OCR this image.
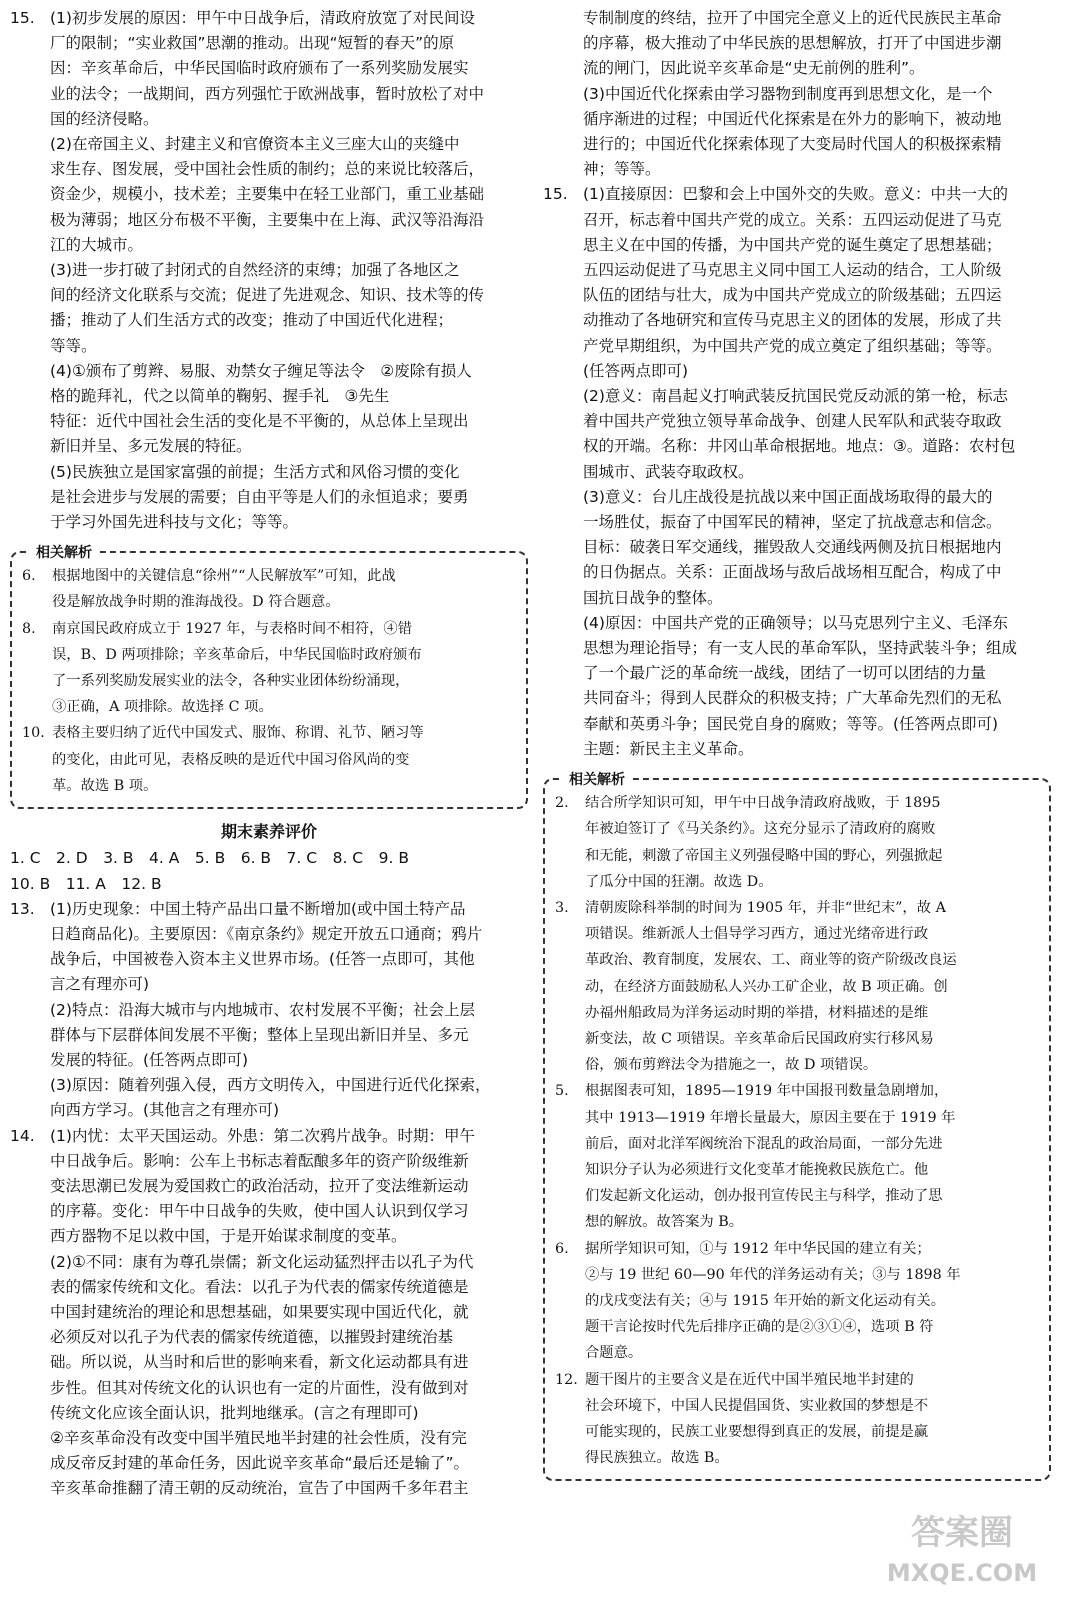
15. (1)初步发展的原因：甲午中日战争后，清政府放宽了对民间设
厂的限制；“实业救国”思潮的推动。出现“短暂的春天”的原
因：辛亥革命后，中华民国临时政府颁布了一系列奖励发展实
业的法令；一战期间，西方列强忙于欧洲战事，暂时放松了对中
国的经济侵略。
(2)在帝国主义、封建主义和官僚资本主义三座大山的夹缝中
求生存、图发展，受中国社会性质的制约；总的来说比较落后，
资金少，规模小，技术差；主要集中在轻工业部门，重工业基础
极为薄弱；地区分布极不平衡，主要集中在上海、武汉等沿海沿
江的大城市。
(3)进一步打破了封闭式的自然经济的束缚；加强了各地区之
间的经济文化联系与交流；促进了先进观念、知识、技术等的传
播；推动了人们生活方式的改变；推动了中国近代化进程；
等等。
(4)①颁布了剪辫、易服、劝禁女子缠足等法令　②废除有损人
格的跪拜礼，代之以简单的鞠躬、握手礼　③先生
特征：近代中国社会生活的变化是不平衡的，从总体上呈现出
新旧并呈、多元发展的特征。
(5)民族独立是国家富强的前提；生活方式和风俗习惯的变化
是社会进步与发展的需要；自由平等是人们的永恒追求；要勇
于学习外国先进科技与文化；等等。
相关解析
6. 根据地图中的关键信息“徐州”“人民解放军”可知，此战
役是解放战争时期的淮海战役。D 符合题意。
8. 南京国民政府成立于 1927 年，与表格时间不相符，④错
误，B、D 两项排除；辛亥革命后，中华民国临时政府颁布
了一系列奖励发展实业的法令，各种实业团体纷纷涌现，
③正确，A 项排除。故选择 C 项。
10. 表格主要归纳了近代中国发式、服饰、称谓、礼节、陋习等
的变化，由此可见，表格反映的是近代中国习俗风尚的变
革。故选 B 项。
期末素养评价
1. C　2. D　3. B　4. A　5. B　6. B　7. C　8. C　9. B
10. B　11. A　12. B
13. (1)历史现象：中国土特产品出口量不断增加(或中国土特产品
日趋商品化)。主要原因：《南京条约》规定开放五口通商；鸦片
战争后，中国被卷入资本主义世界市场。(任答一点即可，其他
言之有理亦可)
(2)特点：沿海大城市与内地城市、农村发展不平衡；社会上层
群体与下层群体间发展不平衡；整体上呈现出新旧并呈、多元
发展的特征。(任答两点即可)
(3)原因：随着列强入侵，西方文明传入，中国进行近代化探索，
向西方学习。(其他言之有理亦可)
14. (1)内忧：太平天国运动。外患：第二次鸦片战争。时期：甲午
中日战争后。影响：公车上书标志着酝酿多年的资产阶级维新
变法思潮已发展为爱国救亡的政治活动，拉开了变法维新运动
的序幕。变化：甲午中日战争的失败，使中国人认识到仅学习
西方器物不足以救中国，于是开始谋求制度的变革。
(2)①不同：康有为尊孔崇儒；新文化运动猛烈抨击以孔子为代
表的儒家传统和文化。看法：以孔子为代表的儒家传统道德是
中国封建统治的理论和思想基础，如果要实现中国近代化，就
必须反对以孔子为代表的儒家传统道德，以摧毁封建统治基
础。所以说，从当时和后世的影响来看，新文化运动都具有进
步性。但其对传统文化的认识也有一定的片面性，没有做到对
传统文化应该全面认识，批判地继承。(言之有理即可)
②辛亥革命没有改变中国半殖民地半封建的社会性质，没有完
成反帝反封建的革命任务，因此说辛亥革命“最后还是输了”。
辛亥革命推翻了清王朝的反动统治，宣告了中国两千多年君主
专制制度的终结，拉开了中国完全意义上的近代民族民主革命
的序幕，极大推动了中华民族的思想解放，打开了中国进步潮
流的闸门，因此说辛亥革命是“史无前例的胜利”。
(3)中国近代化探索由学习器物到制度再到思想文化，是一个
循序渐进的过程；中国近代化探索是在外力的影响下，被动地
进行的；中国近代化探索体现了大变局时代国人的积极探索精
神；等等。
15. (1)直接原因：巴黎和会上中国外交的失败。意义：中共一大的
召开，标志着中国共产党的成立。关系：五四运动促进了马克
思主义在中国的传播，为中国共产党的诞生奠定了思想基础；
五四运动促进了马克思主义同中国工人运动的结合，工人阶级
队伍的团结与壮大，成为中国共产党成立的阶级基础；五四运
动推动了各地研究和宣传马克思主义的团体的发展，形成了共
产党早期组织，为中国共产党的成立奠定了组织基础；等等。
(任答两点即可)
(2)意义：南昌起义打响武装反抗国民党反动派的第一枪，标志
着中国共产党独立领导革命战争、创建人民军队和武装夺取政
权的开端。名称：井冈山革命根据地。地点：③。道路：农村包
围城市、武装夺取政权。
(3)意义：台儿庄战役是抗战以来中国正面战场取得的最大的
一场胜仗，振奋了中国军民的精神，坚定了抗战意志和信念。
目标：破袭日军交通线，摧毁敌人交通线两侧及抗日根据地内
的日伪据点。关系：正面战场与敌后战场相互配合，构成了中
国抗日战争的整体。
(4)原因：中国共产党的正确领导；以马克思列宁主义、毛泽东
思想为理论指导；有一支人民的革命军队，坚持武装斗争；组成
了一个最广泛的革命统一战线，团结了一切可以团结的力量
共同奋斗；得到人民群众的积极支持；广大革命先烈们的无私
奉献和英勇斗争；国民党自身的腐败；等等。(任答两点即可)
主题：新民主主义革命。
相关解析
2. 结合所学知识可知，甲午中日战争清政府战败，于 1895
年被迫签订了《马关条约》。这充分显示了清政府的腐败
和无能，刺激了帝国主义列强侵略中国的野心，列强掀起
了瓜分中国的狂潮。故选 D。
3. 清朝废除科举制的时间为 1905 年，并非“世纪末”，故 A
项错误。维新派人士倡导学习西方，通过光绪帝进行政
革政治、教育制度，发展农、工、商业等的资产阶级改良运
动，在经济方面鼓励私人兴办工矿企业，故 B 项正确。创
办福州船政局为洋务运动时期的举措，材料描述的是维
新变法，故 C 项错误。辛亥革命后民国政府实行移风易
俗，颁布剪辫法令为措施之一，故 D 项错误。
5. 根据图表可知，1895—1919 年中国报刊数量急剧增加，
其中 1913—1919 年增长量最大，原因主要在于 1919 年
前后，面对北洋军阀统治下混乱的政治局面，一部分先进
知识分子认为必须进行文化变革才能挽救民族危亡。他
们发起新文化运动，创办报刊宣传民主与科学，推动了思
想的解放。故答案为 B。
6. 据所学知识可知，①与 1912 年中华民国的建立有关；
②与 19 世纪 60—90 年代的洋务运动有关；③与 1898 年
的戊戌变法有关；④与 1915 年开始的新文化运动有关。
题干言论按时代先后排序正确的是②③①④，选项 B 符
合题意。
12. 题干图片的主要含义是在近代中国半殖民地半封建的
社会环境下，中国人民提倡国货、实业救国的梦想是不
可能实现的，民族工业要想得到真正的发展，前提是赢
得民族独立。故选 B。
答案圈
MXQE.COM
